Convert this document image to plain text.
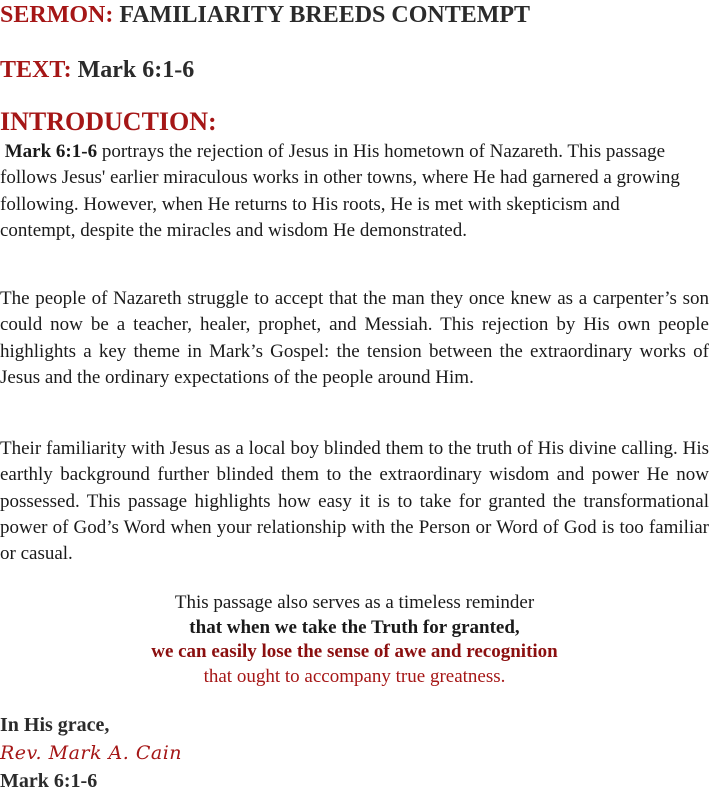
SERMON: FAMILIARITY BREEDS CONTEMPT
TEXT: Mark 6:1-6
INTRODUCTION:

Mark 6:1-6 portrays the rejection of Jesus in His hometown of Nazareth. This passage follows Jesus' earlier miraculous works in other towns, where He had garnered a growing following. However, when He returns to His roots, He is met with skepticism and contempt, despite the miracles and wisdom He demonstrated.

The people of Nazareth struggle to accept that the man they once knew as a carpenter’s son could now be a teacher, healer, prophet, and Messiah. This rejection by His own people highlights a key theme in Mark’s Gospel: the tension between the extraordinary works of Jesus and the ordinary expectations of the people around Him.

Their familiarity with Jesus as a local boy blinded them to the truth of His divine calling. His earthly background further blinded them to the extraordinary wisdom and power He now possessed. This passage highlights how easy it is to take for granted the transformational power of God’s Word when your relationship with the Person or Word of God is too familiar or casual.

This passage also serves as a timeless reminder
that when we take the Truth for granted,
we can easily lose the sense of awe and recognition
that ought to accompany true greatness.
In His grace,
Rev. Mark A. Cain
Mark 6:1-6
